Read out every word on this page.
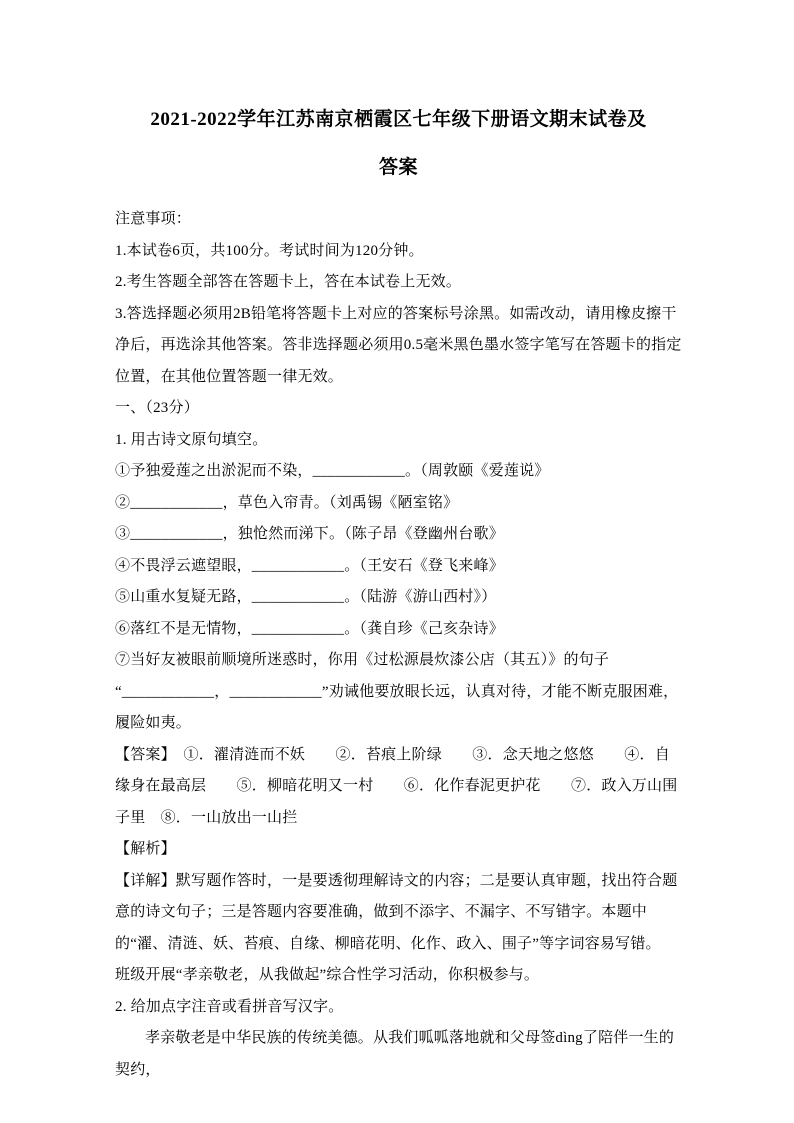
2021-2022学年江苏南京栖霞区七年级下册语文期末试卷及
答案

注意事项：

1.本试卷6页，共100分。考试时间为120分钟。

2.考生答题全部答在答题卡上，答在本试卷上无效。

3.答选择题必须用2B铅笔将答题卡上对应的答案标号涂黑。如需改动，请用橡皮擦干净后，再选涂其他答案。答非选择题必须用0.5毫米黑色墨水签字笔写在答题卡的指定位置，在其他位置答题一律无效。

一、（23分）

1. 用古诗文原句填空。

①予独爱莲之出淤泥而不染，____________。（周敦颐《爱莲说》

②____________，草色入帘青。（刘禹锡《陋室铭》

③____________，独怆然而涕下。（陈子昂《登幽州台歌》

④不畏浮云遮望眼，____________。（王安石《登飞来峰》

⑤山重水复疑无路，____________。（陆游《游山西村》）

⑥落红不是无情物，____________。（龚自珍《己亥杂诗》

⑦当好友被眼前顺境所迷惑时，你用《过松源晨炊漆公店（其五）》的句子

“____________，____________”劝诫他要放眼长远，认真对待，才能不断克服困难，履险如夷。

【答案】　①．濯清涟而不妖　　②．苔痕上阶绿　　③．念天地之悠悠　　④．自缘身在最高层　　⑤．柳暗花明又一村　　⑥．化作春泥更护花　　⑦．政入万山围子里　⑧．一山放出一山拦

【解析】

【详解】默写题作答时，一是要透彻理解诗文的内容；二是要认真审题，找出符合题意的诗文句子；三是答题内容要准确，做到不添字、不漏字、不写错字。本题中的“濯、清涟、妖、苔痕、自缘、柳暗花明、化作、政入、围子”等字词容易写错。

班级开展“孝亲敬老，从我做起”综合性学习活动，你积极参与。

2. 给加点字注音或看拼音写汉字。

孝亲敬老是中华民族的传统美德。从我们呱呱落地就和父母签dìng了陪伴一生的契约，
